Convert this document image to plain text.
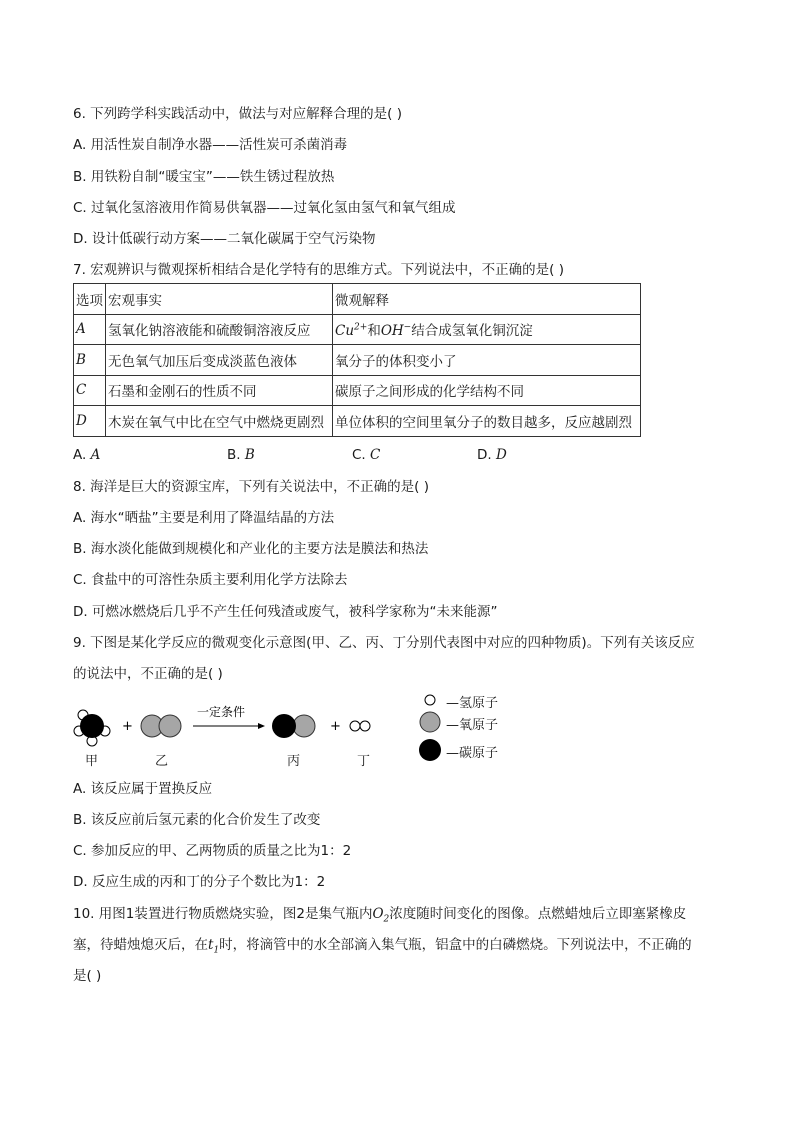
6. 下列跨学科实践活动中，做法与对应解释合理的是( )
A. 用活性炭自制净水器——活性炭可杀菌消毒
B. 用铁粉自制“暖宝宝”——铁生锈过程放热
C. 过氧化氢溶液用作简易供氧器——过氧化氢由氢气和氧气组成
D. 设计低碳行动方案——二氧化碳属于空气污染物
7. 宏观辨识与微观探析相结合是化学特有的思维方式。下列说法中，不正确的是( )
选项	宏观事实	微观解释
A	氢氧化钠溶液能和硫酸铜溶液反应	$Cu^{2+}$和OH−结合成氢氧化铜沉淀
B	无色氧气加压后变成淡蓝色液体	氧分子的体积变小了
C	石墨和金刚石的性质不同	碳原子之间形成的化学结构不同
D	木炭在氧气中比在空气中燃烧更剧烈	单位体积的空间里氧分子的数目越多，反应越剧烈
A. A	B. B	C. C	D. D
8. 海洋是巨大的资源宝库，下列有关说法中，不正确的是( )
A. 海水“晒盐”主要是利用了降温结晶的方法
B. 海水淡化能做到规模化和产业化的主要方法是膜法和热法
C. 食盐中的可溶性杂质主要利用化学方法除去
D. 可燃冰燃烧后几乎不产生任何残渣或废气，被科学家称为“未来能源”
9. 下图是某化学反应的微观变化示意图(甲、乙、丙、丁分别代表图中对应的四种物质)。下列有关该反应
的说法中，不正确的是( )
+
一定条件
+
甲	乙	丙	丁
—氢原子
—氧原子
—碳原子
A. 该反应属于置换反应
B. 该反应前后氢元素的化合价发生了改变
C. 参加反应的甲、乙两物质的质量之比为1：2
D. 反应生成的丙和丁的分子个数比为1：2
10. 用图1装置进行物质燃烧实验，图2是集气瓶内$O_2$浓度随时间变化的图像。点燃蜡烛后立即塞紧橡皮
塞，待蜡烛熄灭后，在$t_1$时，将滴管中的水全部滴入集气瓶，铝盒中的白磷燃烧。下列说法中，不正确的
是( )
